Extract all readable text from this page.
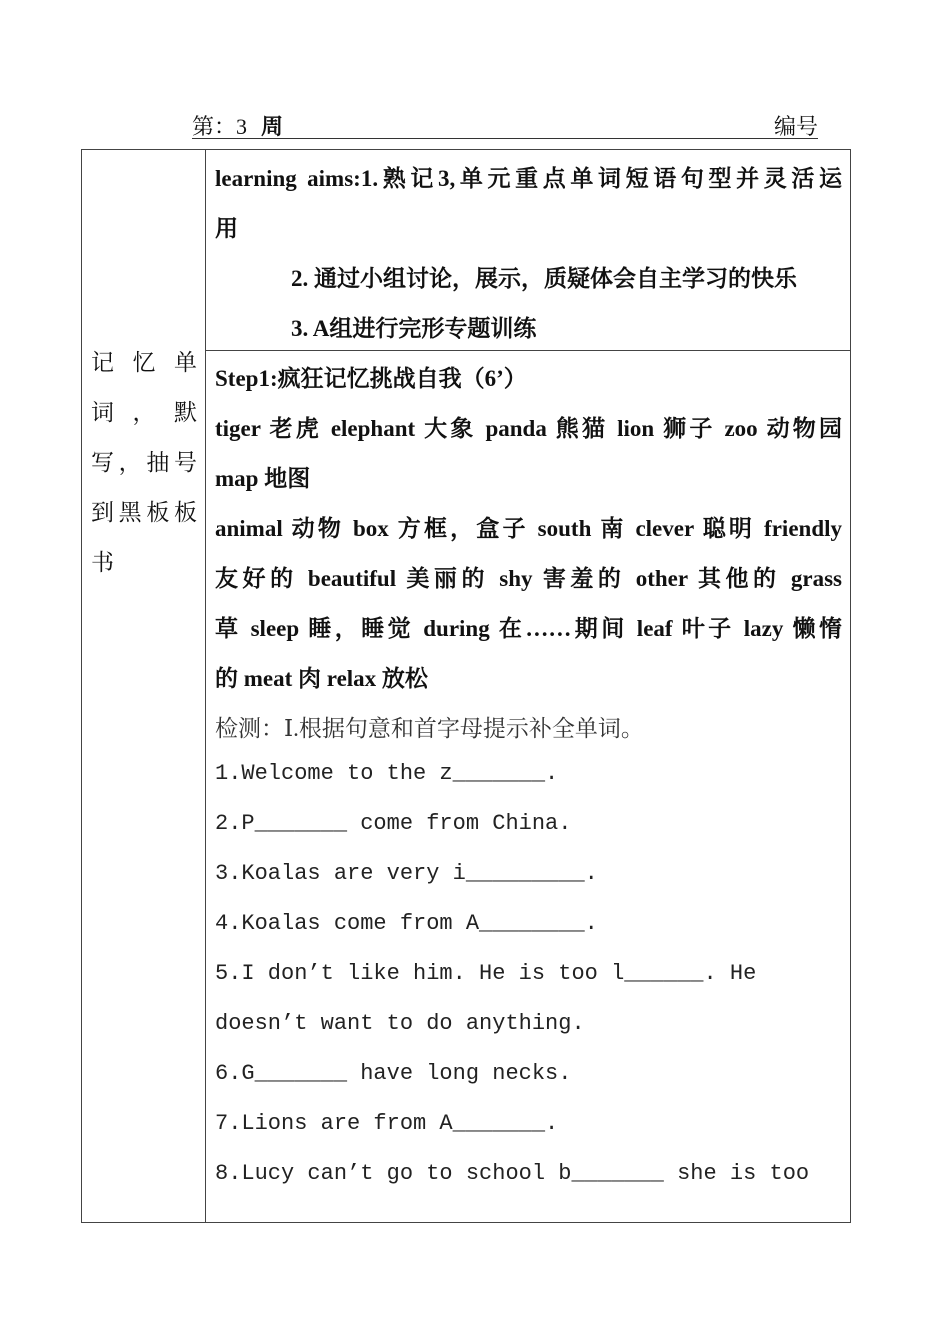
第：3 周	编号
记忆单
词，默
写，抽号
到黑板板
书
learning aims:1.熟记3,单元重点单词短语句型并灵活运
用
2. 通过小组讨论，展示，质疑体会自主学习的快乐
3. A组进行完形专题训练
Step1:疯狂记忆挑战自我（6’）
tiger 老虎 elephant 大象 panda 熊猫 lion 狮子 zoo 动物园
map 地图
animal 动物 box 方框，盒子 south 南 clever 聪明 friendly
友好的 beautiful 美丽的 shy 害羞的 other 其他的 grass
草 sleep 睡，睡觉 during 在……期间 leaf 叶子 lazy 懒惰
的 meat 肉 relax 放松
检测：Ⅰ.根据句意和首字母提示补全单词。
1.Welcome to the z_______.
2.P_______ come from China.
3.Koalas are very i_________.
4.Koalas come from A________.
5.I don’t like him. He is too l______. He
doesn’t want to do anything.
6.G_______ have long necks.
7.Lions are from A_______.
8.Lucy can’t go to school b_______ she is too
